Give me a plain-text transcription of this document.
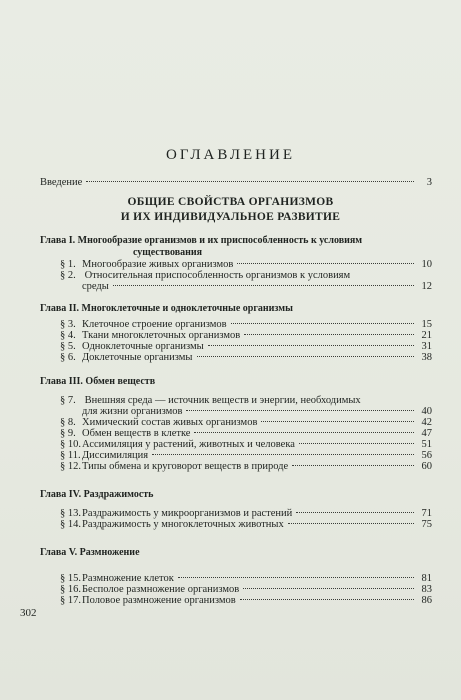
ОГЛАВЛЕНИЕ
Введение	3
ОБЩИЕ СВОЙСТВА ОРГАНИЗМОВ
И ИХ ИНДИВИДУАЛЬНОЕ РАЗВИТИЕ
Глава I. Многообразие организмов и их приспособленность к условиям
существования
§ 1. Многообразие живых организмов	10
§ 2. Относительная приспособленность организмов к условиям
среды	12
Глава II. Многоклеточные и одноклеточные организмы
§ 3. Клеточное строение организмов	15
§ 4. Ткани многоклеточных организмов	21
§ 5. Одноклеточные организмы	31
§ 6. Доклеточные организмы	38
Глава III. Обмен веществ
§ 7. Внешняя среда — источник веществ и энергии, необходимых
для жизни организмов	40
§ 8. Химический состав живых организмов	42
§ 9. Обмен веществ в клетке	47
§ 10. Ассимиляция у растений, животных и человека	51
§ 11. Диссимиляция	56
§ 12. Типы обмена и круговорот веществ в природе	60
Глава IV. Раздражимость
§ 13. Раздражимость у микроорганизмов и растений	71
§ 14. Раздражимость у многоклеточных животных	75
Глава V. Размножение
§ 15. Размножение клеток	81
§ 16. Бесполое размножение организмов	83
§ 17. Половое размножение организмов	86
302
